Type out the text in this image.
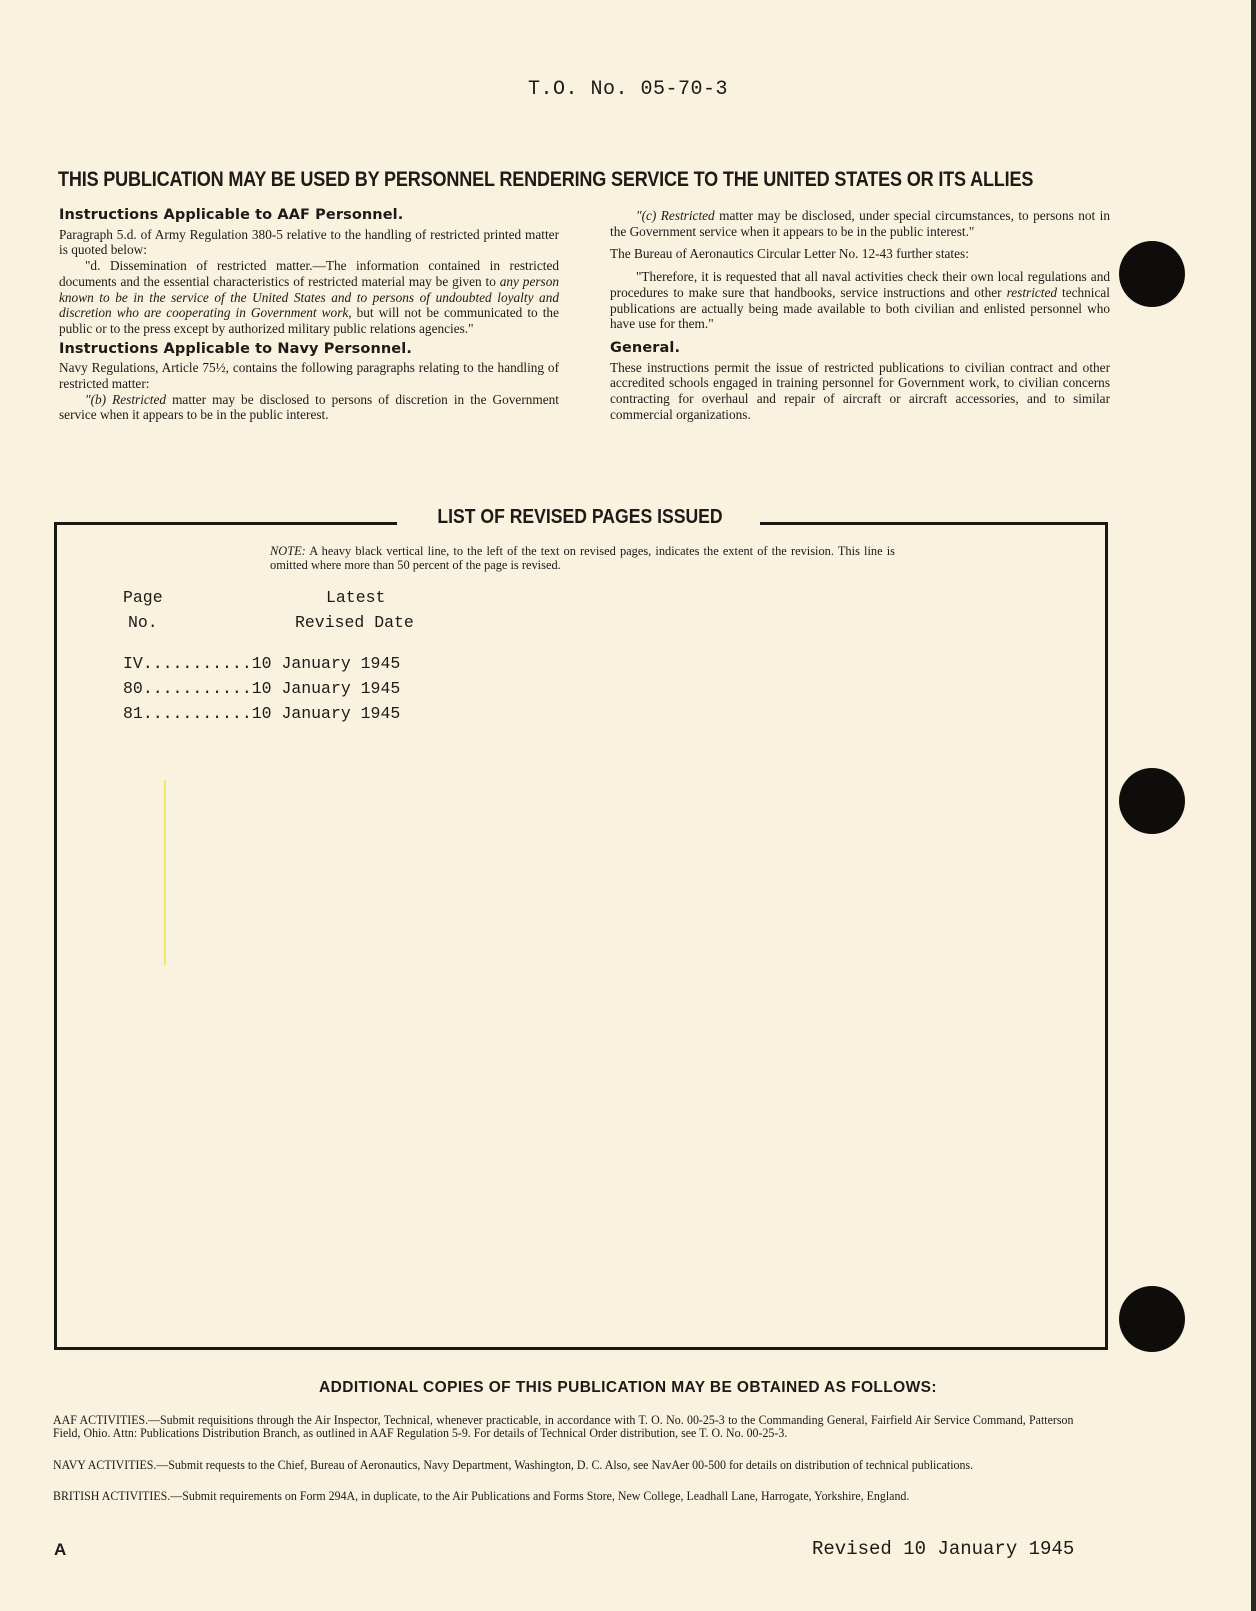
T.O. No. 05-70-3
THIS PUBLICATION MAY BE USED BY PERSONNEL RENDERING SERVICE TO THE UNITED STATES OR ITS ALLIES
Instructions Applicable to AAF Personnel.

Paragraph 5.d. of Army Regulation 380-5 relative to the handling of restricted printed matter is quoted below:

"d. Dissemination of restricted matter.—The information contained in restricted documents and the essential characteristics of restricted material may be given to any person known to be in the service of the United States and to persons of undoubted loyalty and discretion who are cooperating in Government work, but will not be communicated to the public or to the press except by authorized military public relations agencies."

Instructions Applicable to Navy Personnel.

Navy Regulations, Article 75½, contains the following paragraphs relating to the handling of restricted matter:

"(b) Restricted matter may be disclosed to persons of discretion in the Government service when it appears to be in the public interest.

"(c) Restricted matter may be disclosed, under special circumstances, to persons not in the Government service when it appears to be in the public interest."

The Bureau of Aeronautics Circular Letter No. 12-43 further states:

"Therefore, it is requested that all naval activities check their own local regulations and procedures to make sure that handbooks, service instructions and other restricted technical publications are actually being made available to both civilian and enlisted personnel who have use for them."

General.

These instructions permit the issue of restricted publications to civilian contract and other accredited schools engaged in training personnel for Government work, to civilian concerns contracting for overhaul and repair of aircraft or aircraft accessories, and to similar commercial organizations.

LIST OF REVISED PAGES ISSUED
NOTE: A heavy black vertical line, to the left of the text on revised pages, indicates the extent of the revision. This line is omitted where more than 50 percent of the page is revised.
Page	Latest
No.	Revised Date
IV...........10 January 1945
80...........10 January 1945
81...........10 January 1945
ADDITIONAL COPIES OF THIS PUBLICATION MAY BE OBTAINED AS FOLLOWS:
AAF ACTIVITIES.—Submit requisitions through the Air Inspector, Technical, whenever practicable, in accordance with T. O. No. 00-25-3 to the Commanding General, Fairfield Air Service Command, Patterson Field, Ohio. Attn: Publications Distribution Branch, as outlined in AAF Regulation 5-9. For details of Technical Order distribution, see T. O. No. 00-25-3.
NAVY ACTIVITIES.—Submit requests to the Chief, Bureau of Aeronautics, Navy Department, Washington, D. C. Also, see NavAer 00-500 for details on distribution of technical publications.
BRITISH ACTIVITIES.—Submit requirements on Form 294A, in duplicate, to the Air Publications and Forms Store, New College, Leadhall Lane, Harrogate, Yorkshire, England.
A	Revised 10 January 1945
